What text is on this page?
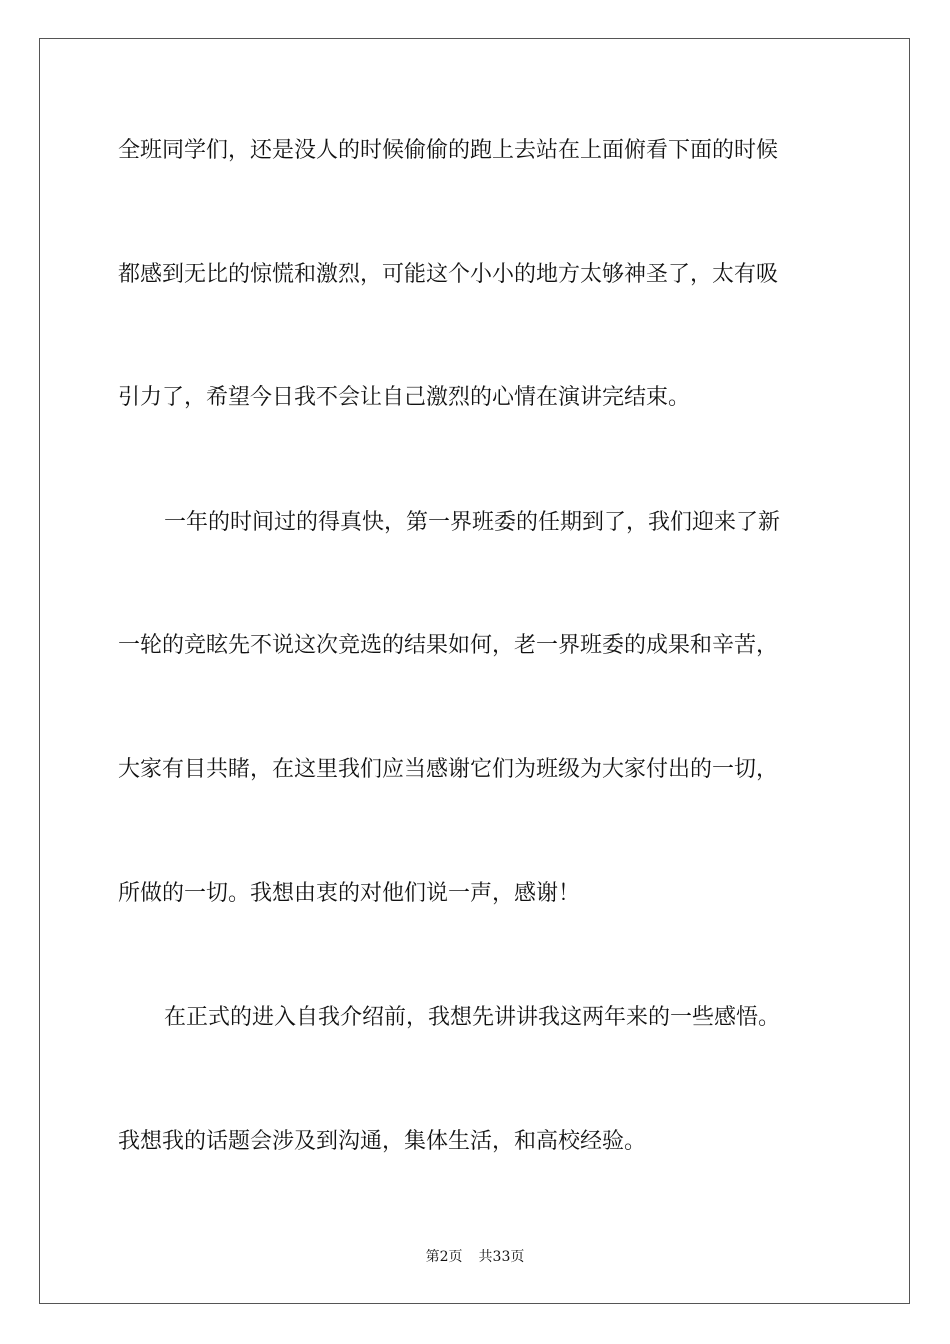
全班同学们，还是没人的时候偷偷的跑上去站在上面俯看下面的时候
都感到无比的惊慌和激烈，可能这个小小的地方太够神圣了，太有吸
引力了，希望今日我不会让自己激烈的心情在演讲完结束。
一年的时间过的得真快，第一界班委的任期到了，我们迎来了新
一轮的竞眩先不说这次竞选的结果如何，老一界班委的成果和辛苦，
大家有目共睹，在这里我们应当感谢它们为班级为大家付出的一切，
所做的一切。我想由衷的对他们说一声，感谢！
在正式的进入自我介绍前，我想先讲讲我这两年来的一些感悟。
我想我的话题会涉及到沟通，集体生活，和高校经验。
第2页 共33页
